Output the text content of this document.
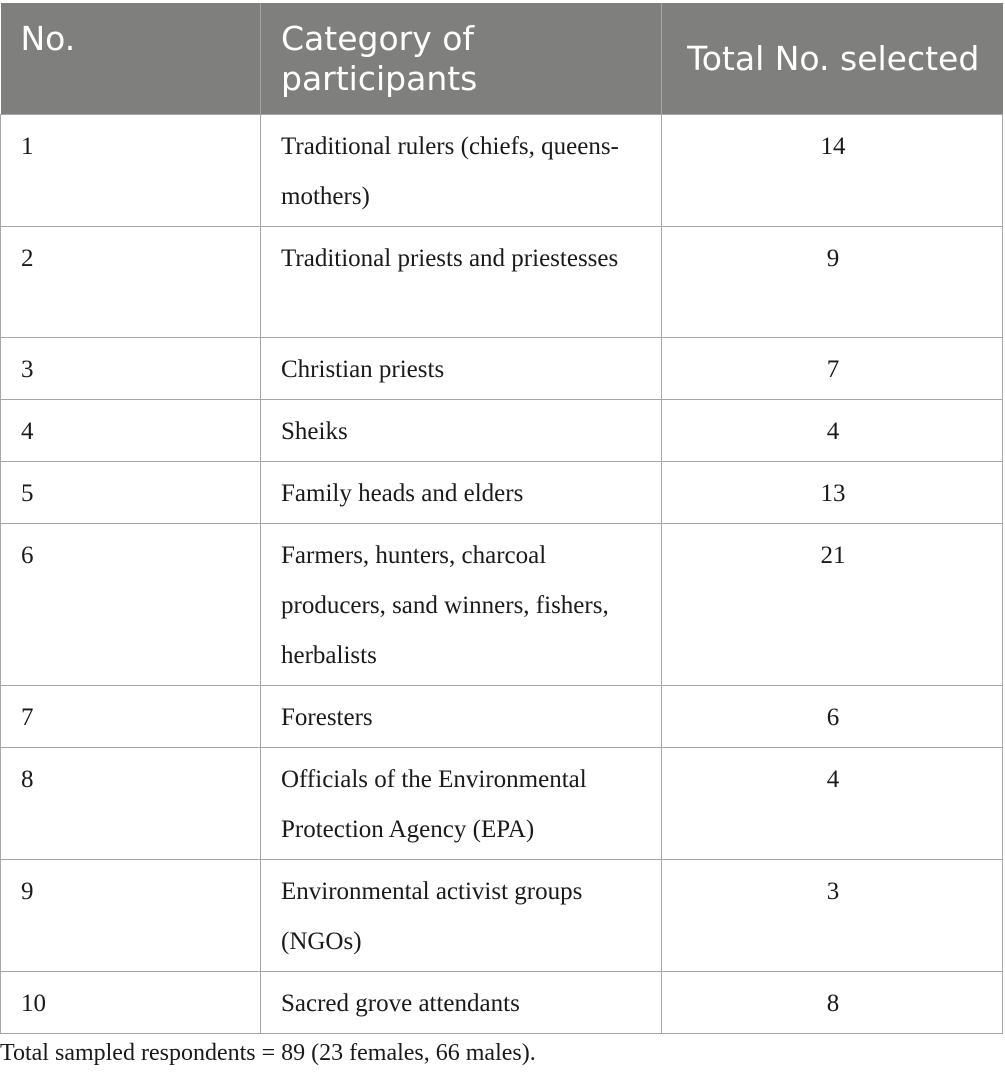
No.	Category of participants	Total No. selected
1	Traditional rulers (chiefs, queens-mothers)	14
2	Traditional priests and priestesses	9
3	Christian priests	7
4	Sheiks	4
5	Family heads and elders	13
6	Farmers, hunters, charcoal producers, sand winners, fishers, herbalists	21
7	Foresters	6
8	Officials of the Environmental Protection Agency (EPA)	4
9	Environmental activist groups (NGOs)	3
10	Sacred grove attendants	8

Total sampled respondents = 89 (23 females, 66 males).
